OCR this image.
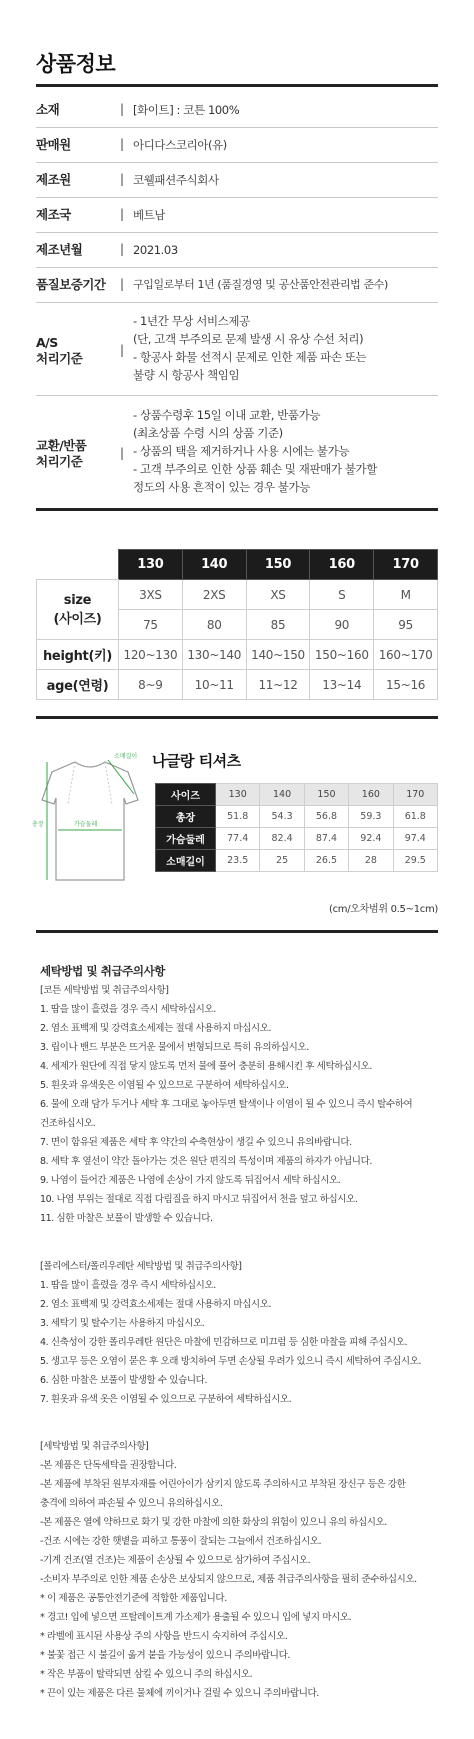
상품정보
소재	| [화이트] : 코튼 100%
판매원	| 아디다스코리아(유)
제조원	| 코웰패션주식회사
제조국	| 베트남
제조년월	| 2021.03
품질보증기간 | 구입일로부터 1년 (품질경영 및 공산품안전관리법 준수)
A/S
처리기준
|
- 1년간 무상 서비스제공
(단, 고객 부주의로 문제 발생 시 유상 수선 처리)
- 항공사 화물 선적시 문제로 인한 제품 파손 또는
불량 시 항공사 책임임
교환/반품
처리기준
|
- 상품수령후 15일 이내 교환, 반품가능
(최초상품 수령 시의 상품 기준)
- 상품의 택을 제거하거나 사용 시에는 불가능
- 고객 부주의로 인한 상품 훼손 및 재판매가 불가할
정도의 사용 흔적이 있는 경우 불가능
	130	140	150	160	170

size
(사이즈)	3XS	2XS	XS	S	M
	75	80	85	90	95
height(키)	120~130	130~140	140~150	150~160	160~170
age(연령)	8~9	10~11	11~12	13~14	15~16
소매길이
가슴둘레
총장
나글랑 티셔츠
사이즈	130	140	150	160	170
총장	51.8	54.3	56.8	59.3	61.8
가슴둘레	77.4	82.4	87.4	92.4	97.4
소매길이	23.5	25	26.5	28	29.5
(cm/오차범위 0.5~1cm)
세탁방법 및 취급주의사항
[코튼 세탁방법 및 취급주의사항]
1. 땀을 많이 흘렸을 경우 즉시 세탁하십시오.
2. 염소 표백제 및 강력효소세제는 절대 사용하지 마십시오.
3. 립이나 밴드 부분은 뜨거운 물에서 변형되므로 특히 유의하십시오.
4. 세제가 원단에 직접 닿지 않도록 먼저 물에 풀어 충분히 용해시킨 후 세탁하십시오.
5. 흰옷과 유색옷은 이염될 수 있으므로 구분하여 세탁하십시오.
6. 물에 오래 담가 두거나 세탁 후 그대로 놓아두면 탈색이나 이염이 될 수 있으니 즉시 탈수하여
건조하십시오.
7. 면이 함유된 제품은 세탁 후 약간의 수축현상이 생길 수 있으니 유의바랍니다.
8. 세탁 후 옆선이 약간 돌아가는 것은 원단 편직의 특성이며 제품의 하자가 아닙니다.
9. 나염이 들어간 제품은 나염에 손상이 가지 않도록 뒤집어서 세탁 하십시오.
10. 나염 부위는 절대로 직접 다림질을 하지 마시고 뒤집어서 천을 덮고 하십시오.
11. 심한 마찰은 보풀이 발생할 수 있습니다.
[폴리에스터/폴리우레탄 세탁방법 및 취급주의사항]
1. 땀을 많이 흘렸을 경우 즉시 세탁하십시오.
2. 염소 표백제 및 강력효소세제는 절대 사용하지 마십시오.
3. 세탁기 및 탈수기는 사용하지 마십시오.
4. 신축성이 강한 폴리우레탄 원단은 마찰에 민감하므로 미끄럼 등 심한 마찰을 피해 주십시오.
5. 생고무 등은 오염이 묻은 후 오래 방치하여 두면 손상될 우려가 있으니 즉시 세탁하여 주십시오.
6. 심한 마찰은 보풀이 발생할 수 있습니다.
7. 흰옷과 유색 옷은 이염될 수 있으므로 구분하여 세탁하십시오.
[세탁방법 및 취급주의사항]
-본 제품은 단독세탁을 권장합니다.
-본 제품에 부착된 원부자재를 어린아이가 삼키지 않도록 주의하시고 부착된 장신구 등은 강한
충격에 의하여 파손될 수 있으니 유의하십시오.
-본 제품은 열에 약하므로 화기 및 강한 마찰에 의한 화상의 위험이 있으니 유의 하십시오.
-건조 시에는 강한 햇볕을 피하고 통풍이 잘되는 그늘에서 건조하십시오.
-기계 건조(열 건조)는 제품이 손상될 수 있으므로 삼가하여 주십시오.
-소비자 부주의로 인한 제품 손상은 보상되지 않으므로, 제품 취급주의사항을 필히 준수하십시오.
* 이 제품은 공통안전기준에 적합한 제품입니다.
* 경고! 입에 넣으면 프탈레이트계 가소제가 용출될 수 있으니 입에 넣지 마시오.
* 라벨에 표시된 사용상 주의 사항을 반드시 숙지하여 주십시오.
* 불꽃 접근 시 불길이 옮겨 붙을 가능성이 있으니 주의바랍니다.
* 작은 부품이 탈락되면 삼킬 수 있으니 주의 하십시오.
* 끈이 있는 제품은 다른 물체에 끼이거나 걸릴 수 있으니 주의바랍니다.
